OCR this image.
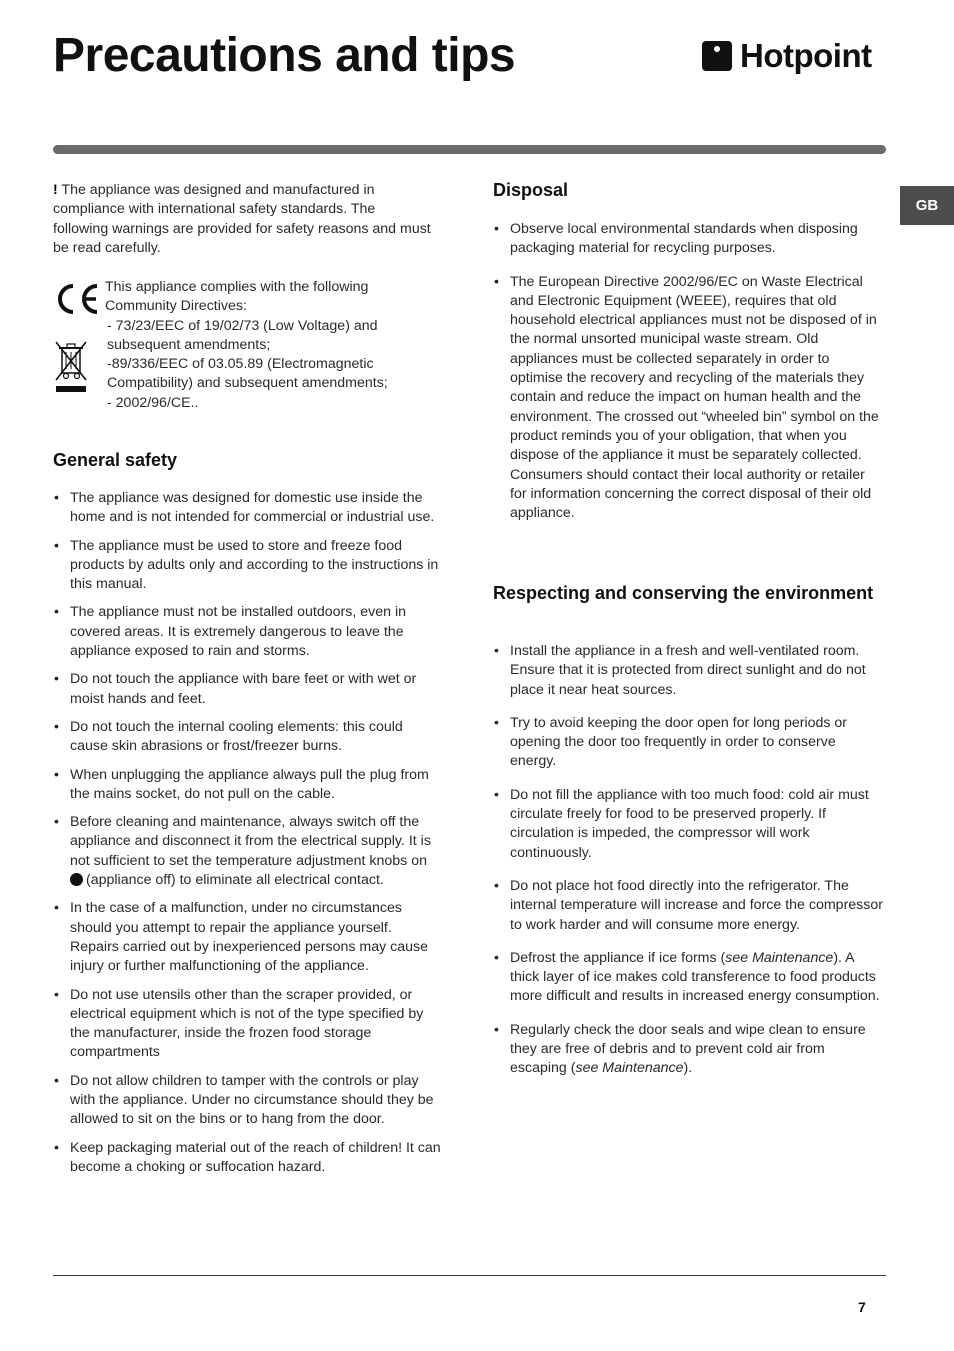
Precautions and tips	Hotpoint
GB
! The appliance was designed and manufactured in compliance with international safety standards. The following warnings are provided for safety reasons and must be read carefully.
This appliance complies with the following Community Directives:
- 73/23/EEC of 19/02/73 (Low Voltage) and subsequent amendments;
-89/336/EEC of 03.05.89 (Electromagnetic Compatibility) and subsequent amendments;
- 2002/96/CE..
General safety
• The appliance was designed for domestic use inside the home and is not intended for commercial or industrial use.
• The appliance must be used to store and freeze food products by adults only and according to the instructions in this manual.
• The appliance must not be installed outdoors, even in covered areas. It is extremely dangerous to leave the appliance exposed to rain and storms.
• Do not touch the appliance with bare feet or with wet or moist hands and feet.
• Do not touch the internal cooling elements: this could cause skin abrasions or frost/freezer burns.
• When unplugging the appliance always pull the plug from the mains socket, do not pull on the cable.
• Before cleaning and maintenance, always switch off the appliance and disconnect it from the electrical supply. It is not sufficient to set the temperature adjustment knobs on (appliance off) to eliminate all electrical contact.
• In the case of a malfunction, under no circumstances should you attempt to repair the appliance yourself. Repairs carried out by inexperienced persons may cause injury or further malfunctioning of the appliance.
• Do not use utensils other than the scraper provided, or electrical equipment which is not of the type specified by the manufacturer, inside the frozen food storage compartments
• Do not allow children to tamper with the controls or play with the appliance. Under no circumstance should they be allowed to sit on the bins or to hang from the door.
• Keep packaging material out of the reach of children! It can become a choking or suffocation hazard.
Disposal
• Observe local environmental standards when disposing packaging material for recycling purposes.
• The European Directive 2002/96/EC on Waste Electrical and Electronic Equipment (WEEE), requires that old household electrical appliances must not be disposed of in the normal unsorted municipal waste stream. Old appliances must be collected separately in order to optimise the recovery and recycling of the materials they contain and reduce the impact on human health and the environment. The crossed out “wheeled bin” symbol on the product reminds you of your obligation, that when you dispose of the appliance it must be separately collected.
Consumers should contact their local authority or retailer for information concerning the correct disposal of their old appliance.
Respecting and conserving the environment
• Install the appliance in a fresh and well-ventilated room. Ensure that it is protected from direct sunlight and do not place it near heat sources.
• Try to avoid keeping the door open for long periods or opening the door too frequently in order to conserve energy.
• Do not fill the appliance with too much food: cold air must circulate freely for food to be preserved properly. If circulation is impeded, the compressor will work continuously.
• Do not place hot food directly into the refrigerator. The internal temperature will increase and force the compressor to work harder and will consume more energy.
• Defrost the appliance if ice forms (see Maintenance). A thick layer of ice makes cold transference to food products more difficult and results in increased energy consumption.
• Regularly check the door seals and wipe clean to ensure they are free of debris and to prevent cold air from escaping (see Maintenance).
7
